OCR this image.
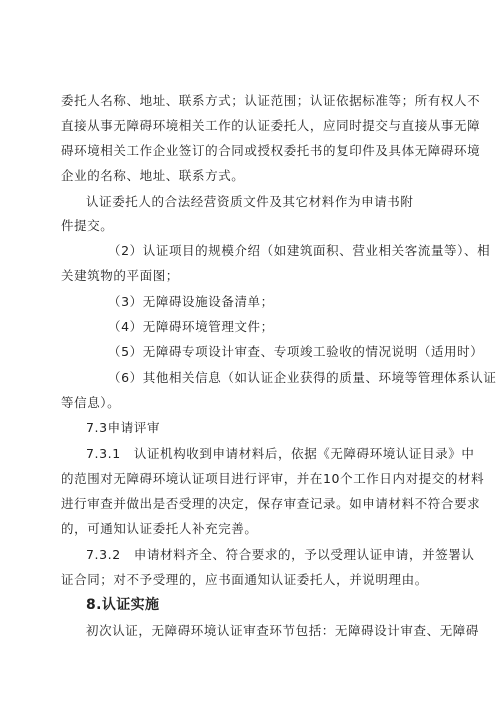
委托人名称、地址、联系方式；认证范围；认证依据标准等；所有权人不
直接从事无障碍环境相关工作的认证委托人，应同时提交与直接从事无障
碍环境相关工作企业签订的合同或授权委托书的复印件及具体无障碍环境
企业的名称、地址、联系方式。
认证委托人的合法经营资质文件及其它材料作为申请书附
件提交。
（2）认证项目的规模介绍（如建筑面积、营业相关客流量等）、相
关建筑物的平面图；
（3）无障碍设施设备清单；
（4）无障碍环境管理文件；
（5）无障碍专项设计审查、专项竣工验收的情况说明（适用时）
（6）其他相关信息（如认证企业获得的质量、环境等管理体系认证
等信息）。
7.3申请评审
7.3.1　认证机构收到申请材料后，依据《无障碍环境认证目录》中
的范围对无障碍环境认证项目进行评审，并在10个工作日内对提交的材料
进行审查并做出是否受理的决定，保存审查记录。如申请材料不符合要求
的，可通知认证委托人补充完善。
7.3.2　申请材料齐全、符合要求的，予以受理认证申请，并签署认
证合同；对不予受理的，应书面通知认证委托人，并说明理由。
8.认证实施
初次认证，无障碍环境认证审查环节包括：无障碍设计审查、无障碍
